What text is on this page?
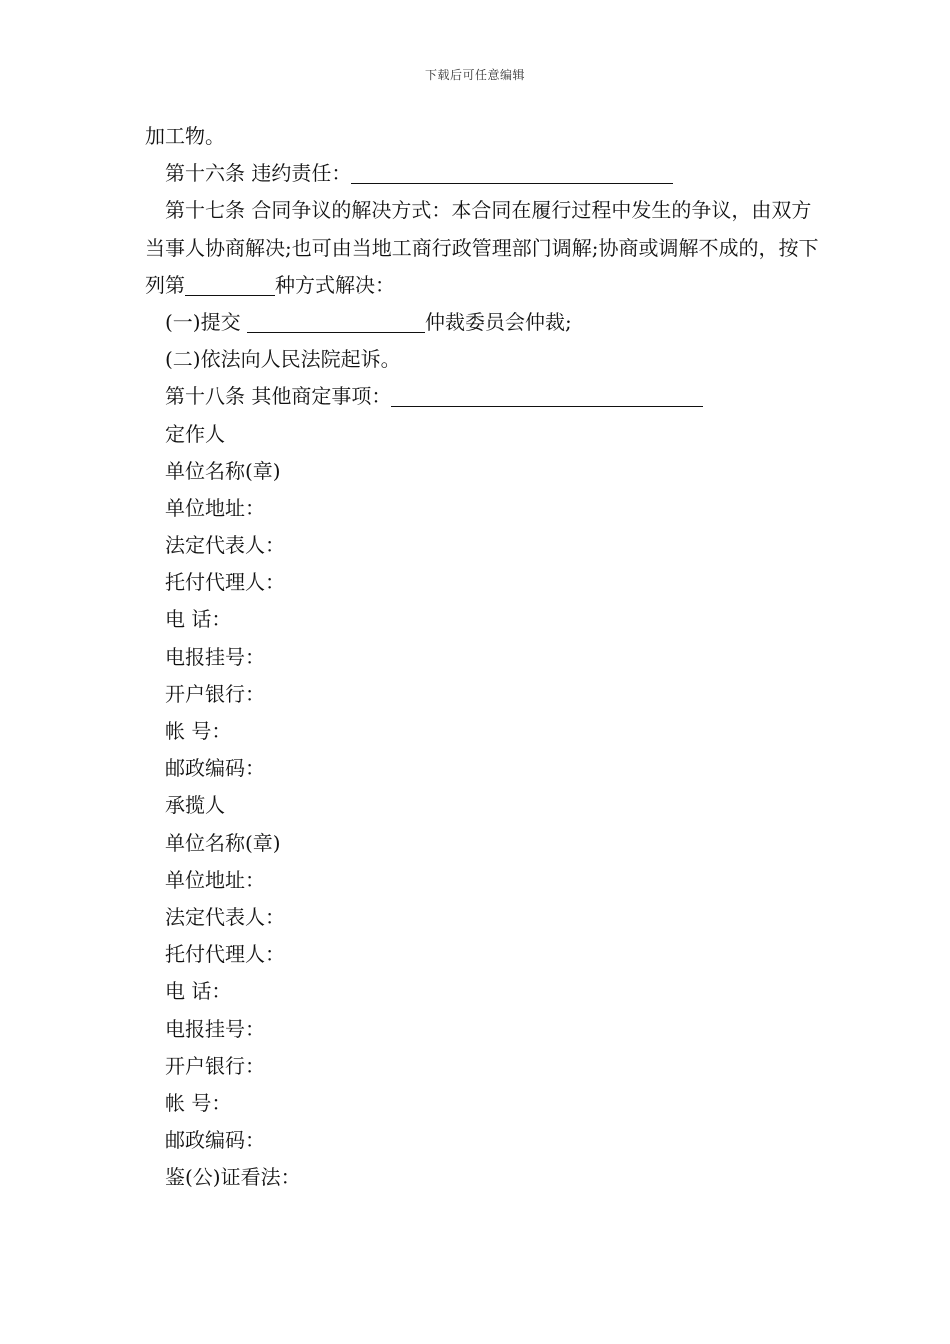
下载后可任意编辑
加工物。
第十六条 违约责任：
第十七条 合同争议的解决方式：本合同在履行过程中发生的争议，由双方当事人协商解决;也可由当地工商行政管理部门调解;协商或调解不成的，按下列第	种方式解决：
(一)提交	仲裁委员会仲裁;
(二)依法向人民法院起诉。
第十八条 其他商定事项：
定作人
单位名称(章)
单位地址：
法定代表人：
托付代理人：
电 话：
电报挂号：
开户银行：
帐 号：
邮政编码：
承揽人
单位名称(章)
单位地址：
法定代表人：
托付代理人：
电 话：
电报挂号：
开户银行：
帐 号：
邮政编码：
鉴(公)证看法：
